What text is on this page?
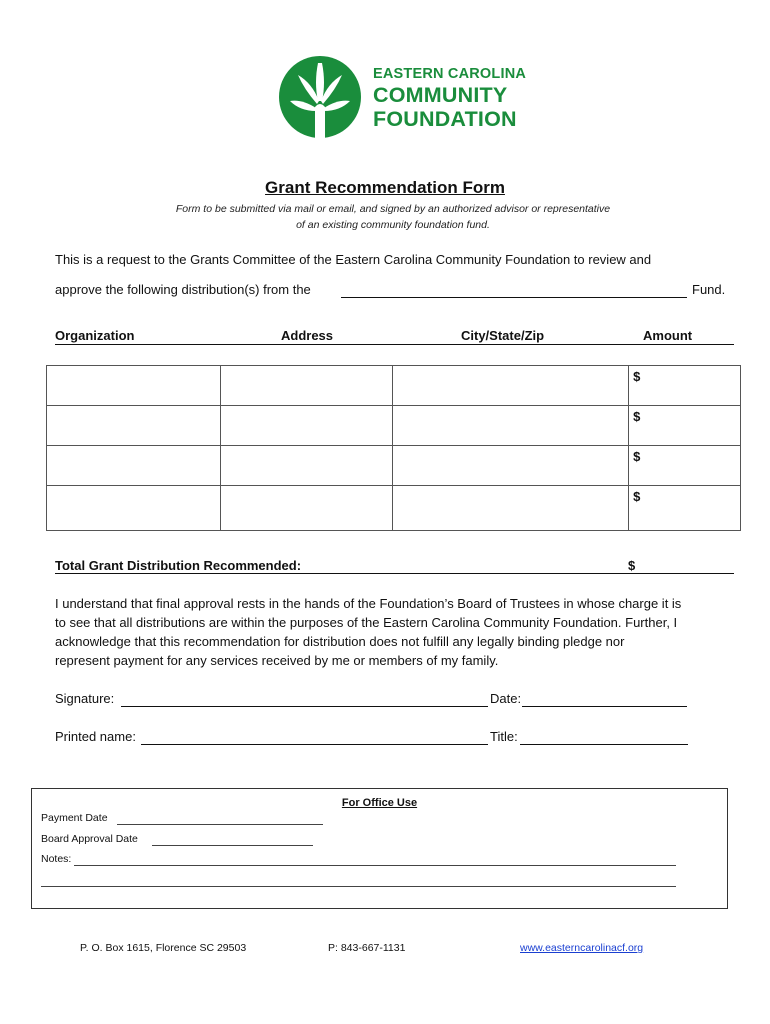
EASTERN CAROLINA
COMMUNITY
FOUNDATION
Grant Recommendation Form
Form to be submitted via mail or email, and signed by an authorized advisor or representative
of an existing community foundation fund.
This is a request to the Grants Committee of the Eastern Carolina Community Foundation to review and
approve the following distribution(s) from the	Fund.
Organization	Address	City/State/Zip	Amount
			$
			$
			$
			$
Total Grant Distribution Recommended:	$
I understand that final approval rests in the hands of the Foundation’s Board of Trustees in whose charge it is
to see that all distributions are within the purposes of the Eastern Carolina Community Foundation. Further, I
acknowledge that this recommendation for distribution does not fulfill any legally binding pledge nor
represent payment for any services received by me or members of my family.
Signature:	Date:
Printed name:	Title:
For Office Use
Payment Date
Board Approval Date
Notes:
P. O. Box 1615, Florence SC 29503	P: 843-667-1131	www.easterncarolinacf.org
